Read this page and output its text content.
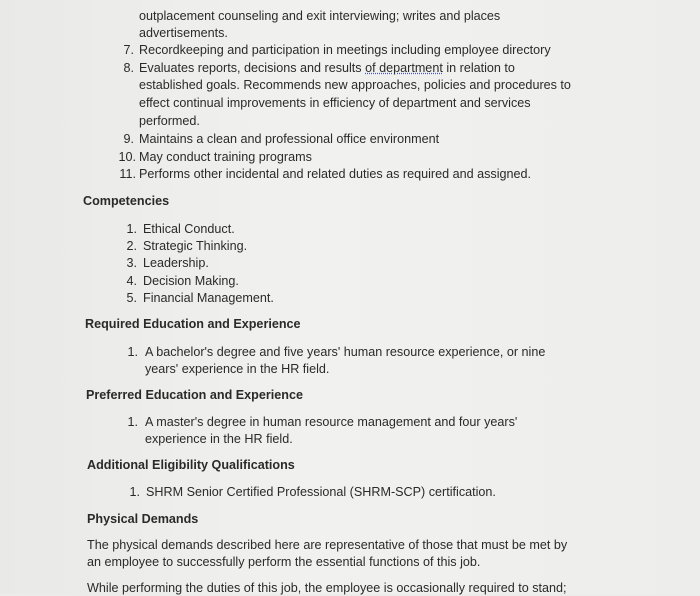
outplacement counseling and exit interviewing; writes and places
advertisements.
7. Recordkeeping and participation in meetings including employee directory
8. Evaluates reports, decisions and results of department in relation to
established goals. Recommends new approaches, policies and procedures to
effect continual improvements in efficiency of department and services
performed.
9. Maintains a clean and professional office environment
10. May conduct training programs
11. Performs other incidental and related duties as required and assigned.
Competencies
1. Ethical Conduct.
2. Strategic Thinking.
3. Leadership.
4. Decision Making.
5. Financial Management.
Required Education and Experience
1. A bachelor's degree and five years' human resource experience, or nine
years' experience in the HR field.
Preferred Education and Experience
1. A master's degree in human resource management and four years'
experience in the HR field.
Additional Eligibility Qualifications
1. SHRM Senior Certified Professional (SHRM-SCP) certification.
Physical Demands
The physical demands described here are representative of those that must be met by
an employee to successfully perform the essential functions of this job.
While performing the duties of this job, the employee is occasionally required to stand;
